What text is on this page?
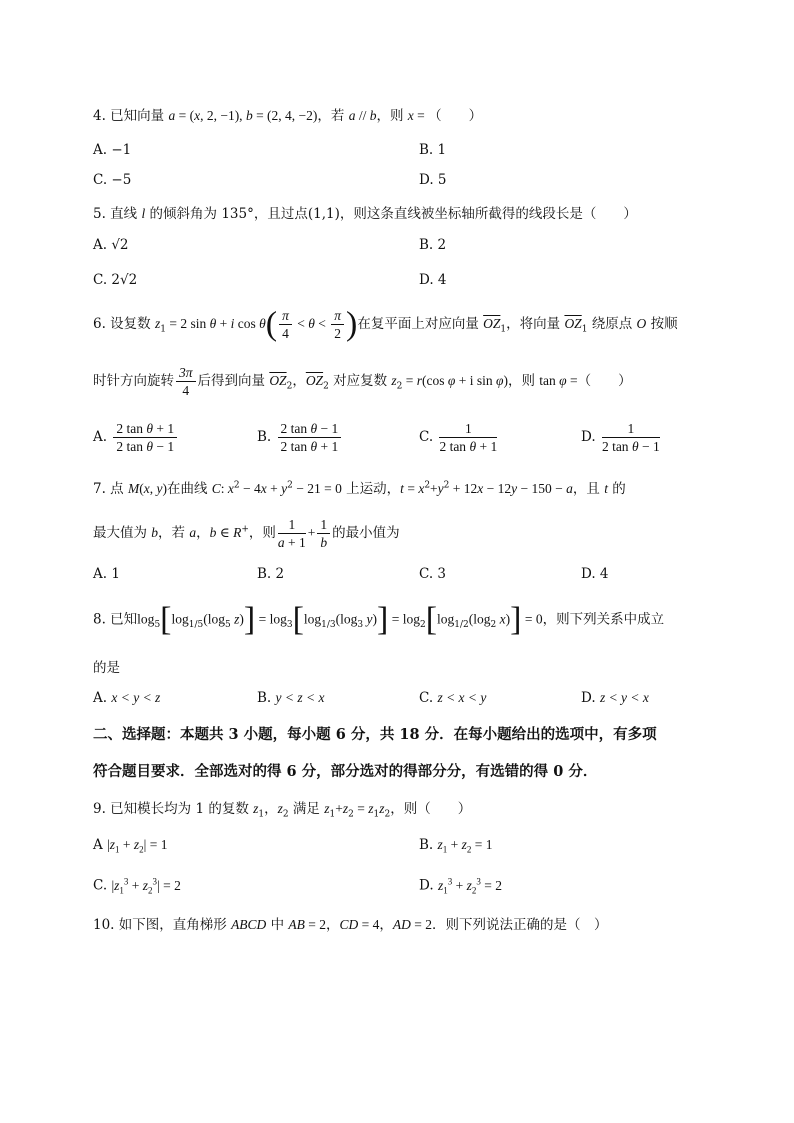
4. 已知向量 a = (x, 2, −1), b = (2, 4, −2)，若 a // b，则 x = （　　）
A. −1	B. 1
C. −5	D. 5
5. 直线 l 的倾斜角为 135°，且过点(1,1)，则这条直线被坐标轴所截得的线段长是（　　）
A. √2	B. 2
C. 2√2	D. 4
6. 设复数 $z_1 = 2$ sin θ + i $\cos \theta( \frac{\pi}{4} < \theta < \frac{\pi}{2}$ )在复平面上对应向量 $\overline{OZ}_1$，将向量 $\overline{OZ}_1$ 绕原点 O 按顺
时针方向旋转 $\frac{3\pi}{4}$ 后得到向量 $\overline{OZ}_2$，$\overline{OZ}_2$ 对应复数 $z_2 = r(\cos$ φ + i sin φ)，则 tan φ =（　　）
A. $\frac{\text{2 tan θ + 1}}{\text{2 tan θ − 1}}$	B. $\frac{\text{2 tan θ − 1}}{\text{2 tan θ + 1}}$	C. $\frac{1}{\text{2 tan θ + 1}}$	D. $\frac{1}{\text{2 tan θ − 1}}$
7. 点 M(x, y)在曲线 C: $x^2 - 4x + y^2 - 21 = 0$ 上运动，$t = x^2+y^2 + 12x - 12y - 150 - a$，且 t 的
最大值为 b，若 a，b ∈ R+，则 $\frac{1}{a + 1} + \frac{1}{b}$ 的最小值为
A. 1	B. 2	C. 3	D. 4
8. 已知$\log_5[\log_{1/5}(\log_5$ $z)] = \log_3[\log_{1/3}(\log_3$ $y)] = \log_2[\log_{1/2}(\log_2$ x)] = 0，则下列关系中成立
的是
A. x < y < z	B. y < z < x	C. z < x < y	D. z < y < x
二、选择题：本题共 3 小题，每小题 6 分，共 18 分．在每小题给出的选项中，有多项
符合题目要求．全部选对的得 6 分，部分选对的得部分分，有选错的得 0 分．
9. 已知模长均为 1 的复数 $z_1$，$z_2$ 满足 $z_1+z_2 = z_1z_2$，则（　　）
A $|z_1 + z_2| = 1$	B. $z_1 + z_2 = 1$
C. $|z_1^3 + z_2^3| = 2$	D. $z_1^3 + z_2^3 = 2$
10. 如下图，直角梯形 ABCD 中 AB = 2，CD = 4，AD = 2．则下列说法正确的是（　）
